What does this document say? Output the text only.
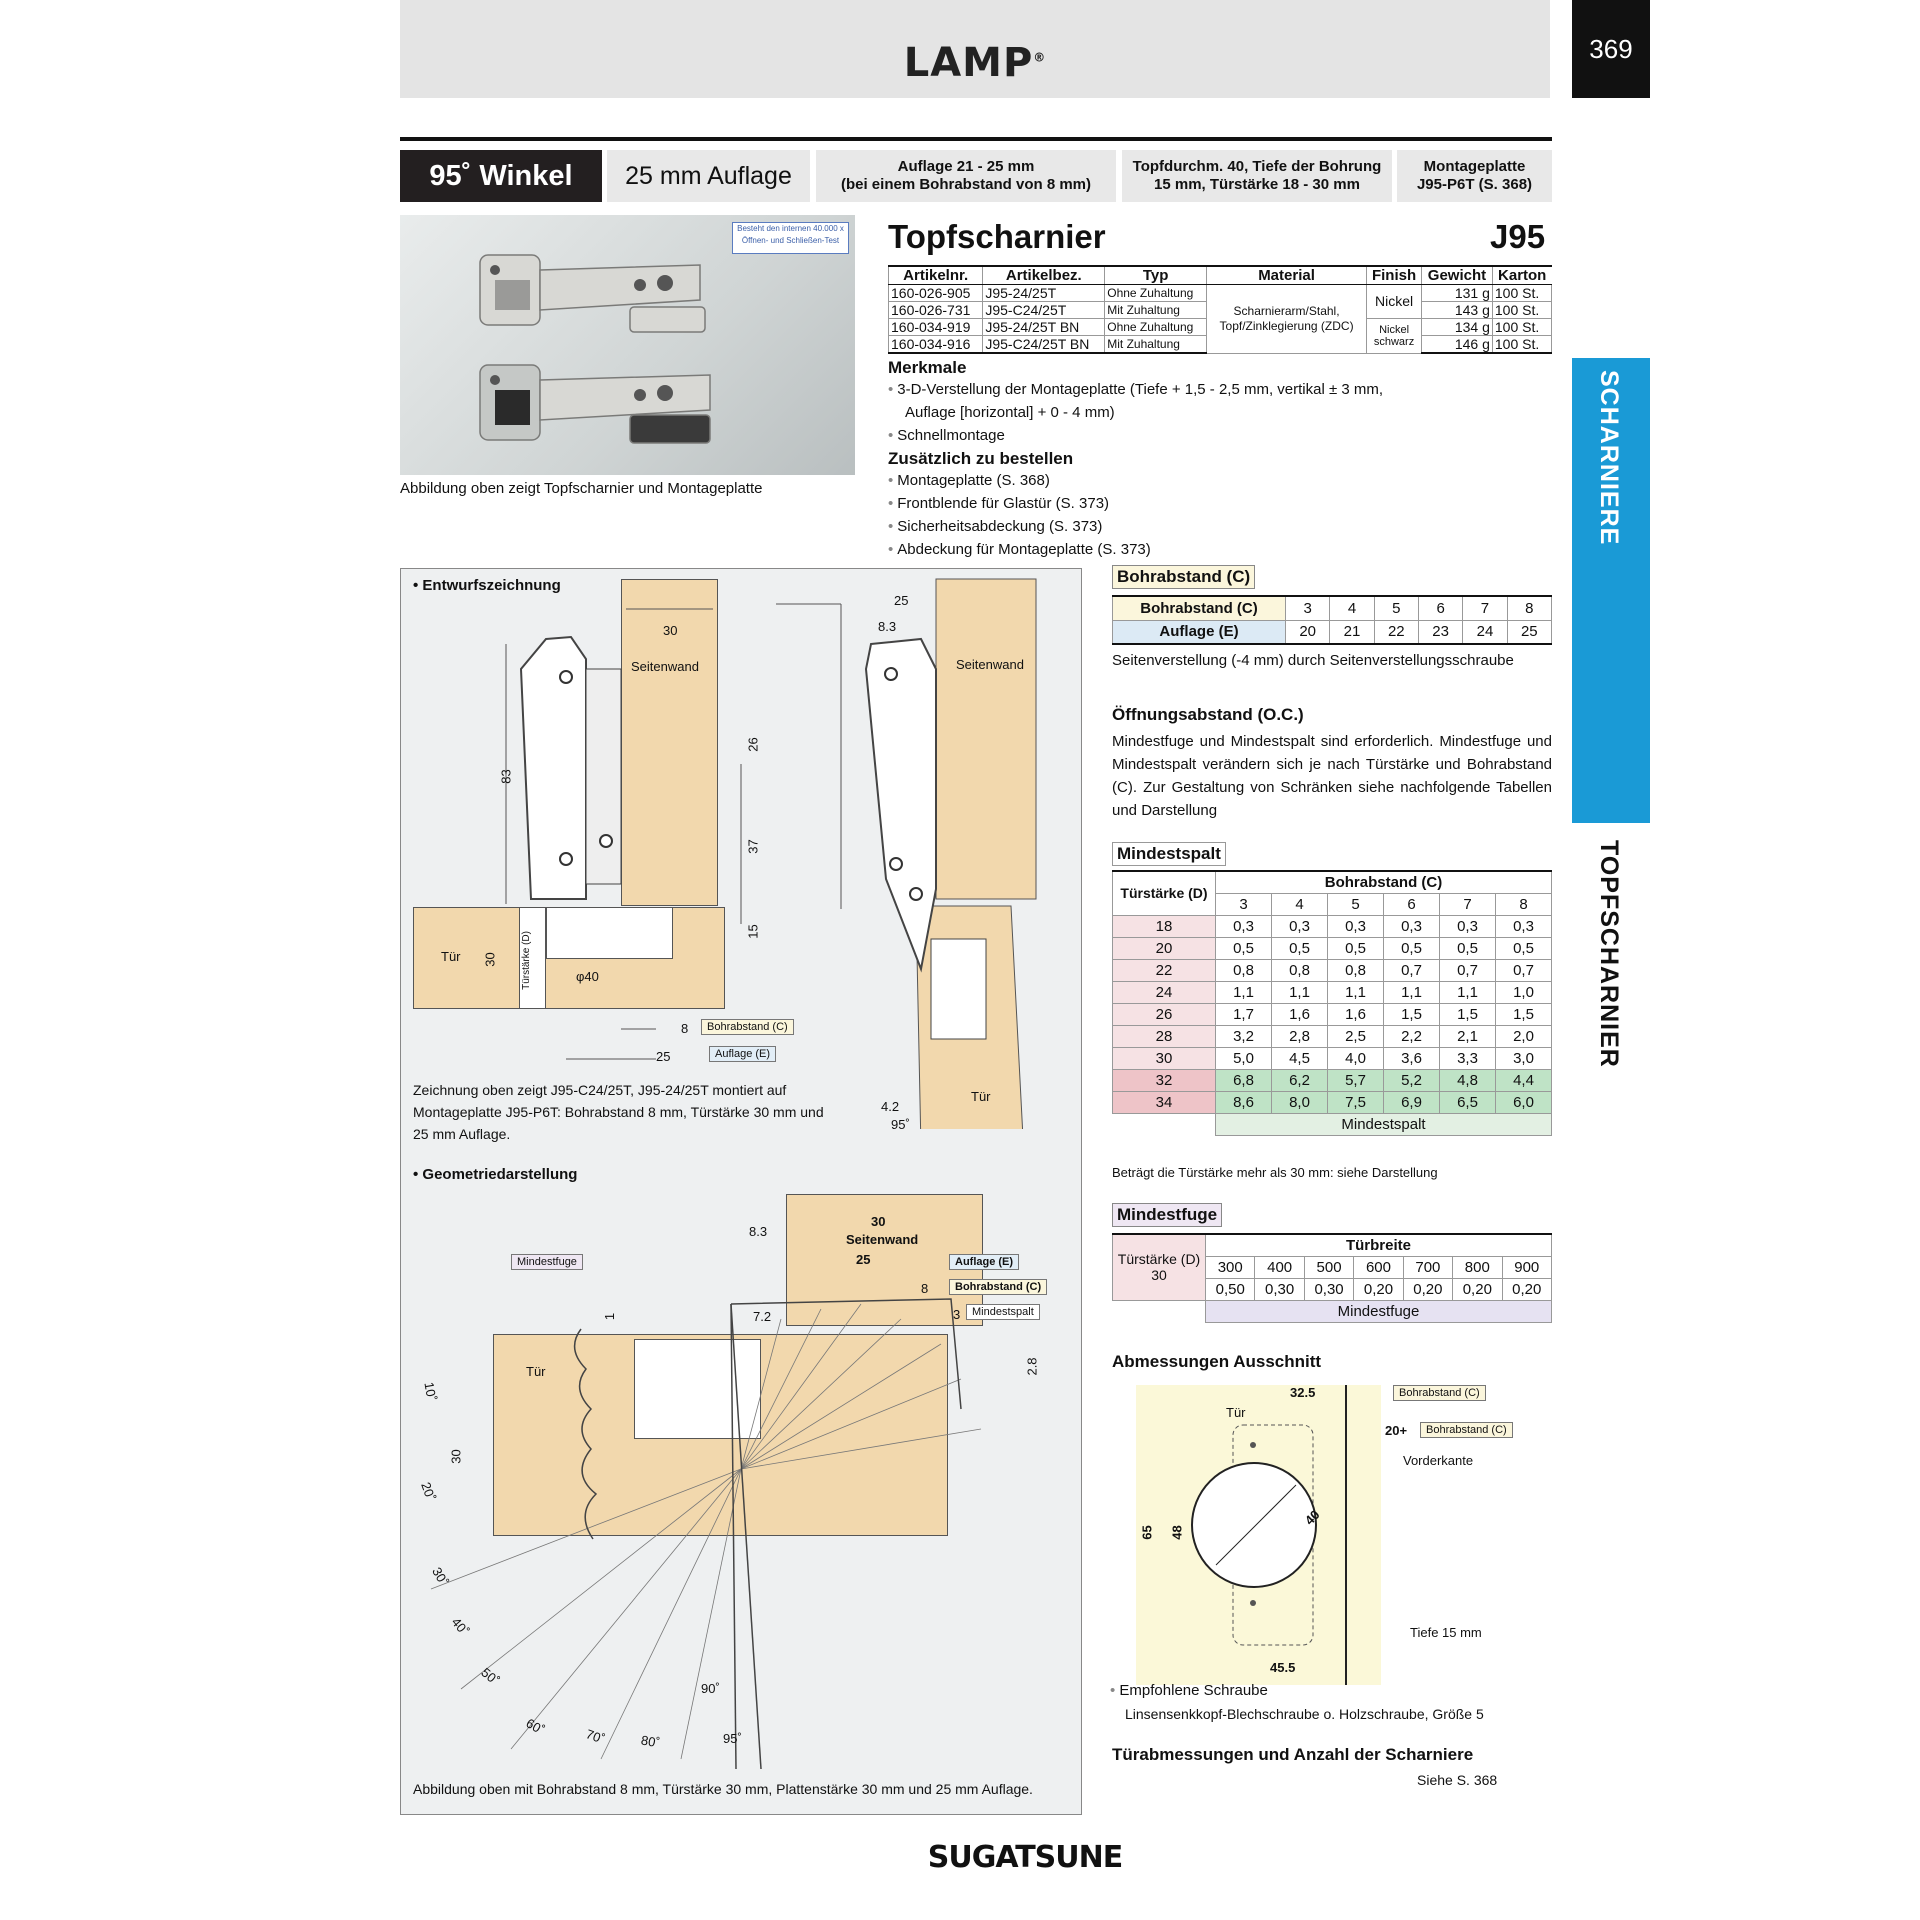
LAMP®	369
95˚ Winkel	25 mm Auflage	Auflage 21 - 25 mm
(bei einem Bohrabstand von 8 mm)
Topfdurchm. 40, Tiefe der Bohrung
15 mm, Türstärke 18 - 30 mm
Montageplatte
J95-P6T (S. 368)
Besteht den internen 40.000 x Öffnen- und Schließen-Test
Abbildung oben zeigt Topfscharnier und Montageplatte
Topfscharnier	J95
Artikelnr.	Artikelbez.	Typ	Material	Finish	Gewicht	Karton
160-026-905	J95-24/25T	Ohne Zuhaltung	Scharnierarm/Stahl, Topf/Zinklegierung (ZDC)	Nickel	131 g	100 St.
160-026-731	J95-C24/25T	Mit Zuhaltung			143 g	100 St.
160-034-919	J95-24/25T BN	Ohne Zuhaltung		Nickel schwarz	134 g	100 St.
160-034-916	J95-C24/25T BN	Mit Zuhaltung			146 g	100 St.
Merkmale
• 3-D-Verstellung der Montageplatte (Tiefe + 1,5 - 2,5 mm, vertikal ± 3 mm,
Auflage [horizontal] + 0 - 4 mm)
• Schnellmontage
Zusätzlich zu bestellen
• Montageplatte (S. 368)
• Frontblende für Glastür (S. 373)
• Sicherheitsabdeckung (S. 373)
• Abdeckung für Montageplatte (S. 373)
SCHARNIERE
TOPFSCHARNIER
• Entwurfszeichnung
Seitenwand
Tür	Türstärke (D)	φ40
30
83
26
37
15
30
8
25
Bohrabstand (C)
Auflage (E)
25
8.3
Seitenwand
Tür
4.2
95˚
Zeichnung oben zeigt J95-C24/25T, J95-24/25T montiert auf Montageplatte J95-P6T: Bohrabstand 8 mm, Türstärke 30 mm und 25 mm Auflage.
• Geometriedarstellung
Seitenwand
30
25
Tür
8.3
7.2
8
3
1
2.8
30
Mindestfuge	Auflage (E)
Bohrabstand (C)
Mindestspalt
10˚
20˚
30˚
40˚
50˚
60˚	70˚	80˚
90˚
95˚
Abbildung oben mit Bohrabstand 8 mm, Türstärke 30 mm, Plattenstärke 30 mm und 25 mm Auflage.
Bohrabstand (C)
Bohrabstand (C)	3	4	5	6	7	8
Auflage (E)	20	21	22	23	24	25
Seitenverstellung (-4 mm) durch Seitenverstellungsschraube
Öffnungsabstand (O.C.)
Mindestfuge und Mindestspalt sind erforderlich. Mindestfuge und Mindestspalt verändern sich je nach Türstärke und Bohrabstand (C). Zur Gestaltung von Schränken siehe nachfolgende Tabellen und Darstellung
Mindestspalt
Türstärke (D)	Bohrabstand (C)					
	3	4	5	6	7	8
18	0,3	0,3	0,3	0,3	0,3	0,3
20	0,5	0,5	0,5	0,5	0,5	0,5
22	0,8	0,8	0,8	0,7	0,7	0,7
24	1,1	1,1	1,1	1,1	1,1	1,0
26	1,7	1,6	1,6	1,5	1,5	1,5
28	3,2	2,8	2,5	2,2	2,1	2,0
30	5,0	4,5	4,0	3,6	3,3	3,0
32	6,8	6,2	5,7	5,2	4,8	4,4
34	8,6	8,0	7,5	6,9	6,5	6,0
	Mindestspalt					
Beträgt die Türstärke mehr als 30 mm: siehe Darstellung
Mindestfuge
Türstärke (D)
30	Türbreite						
	300	400	500	600	700	800	900
	0,50	0,30	0,30	0,20	0,20	0,20	0,20
	Mindestfuge						
Abmessungen Ausschnitt
Tür
32.5
20+
Bohrabstand (C)
Bohrabstand (C)
Vorderkante
Tiefe 15 mm
65 48
40
45.5
• Empfohlene Schraube
Linsensenkkopf-Blechschraube o. Holzschraube, Größe 5
Türabmessungen und Anzahl der Scharniere
Siehe S. 368
SUGATSUNE
